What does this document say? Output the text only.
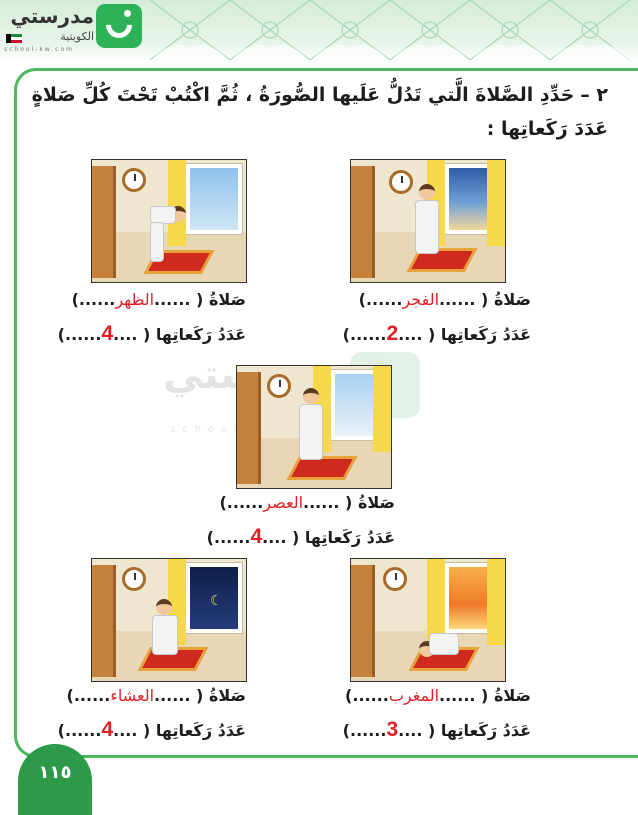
مدرستي
الكويتية
school-kw.com
٢ –حَدِّدِ الصَّلاةَ الَّتي تَدُلُّ عَلَيها الصُّورَةُ ، ثُمَّ اكْتُبْ تَحْتَ كُلِّ صَلاةٍ
عَدَدَ رَكَعاتِها :
school-kw
☾
صَلاةُ ( ......الفجر......)
عَدَدُ رَكَعاتِها ( ....2......)
صَلاةُ ( ......الظهر......)
عَدَدُ رَكَعاتِها ( ....4......)
صَلاةُ ( ......العصر......)
عَدَدُ رَكَعاتِها ( ....4......)
صَلاةُ ( ......المغرب......)
عَدَدُ رَكَعاتِها ( ....3......)
صَلاةُ ( ......العشاء......)
عَدَدُ رَكَعاتِها ( ....4......)
١١٥
